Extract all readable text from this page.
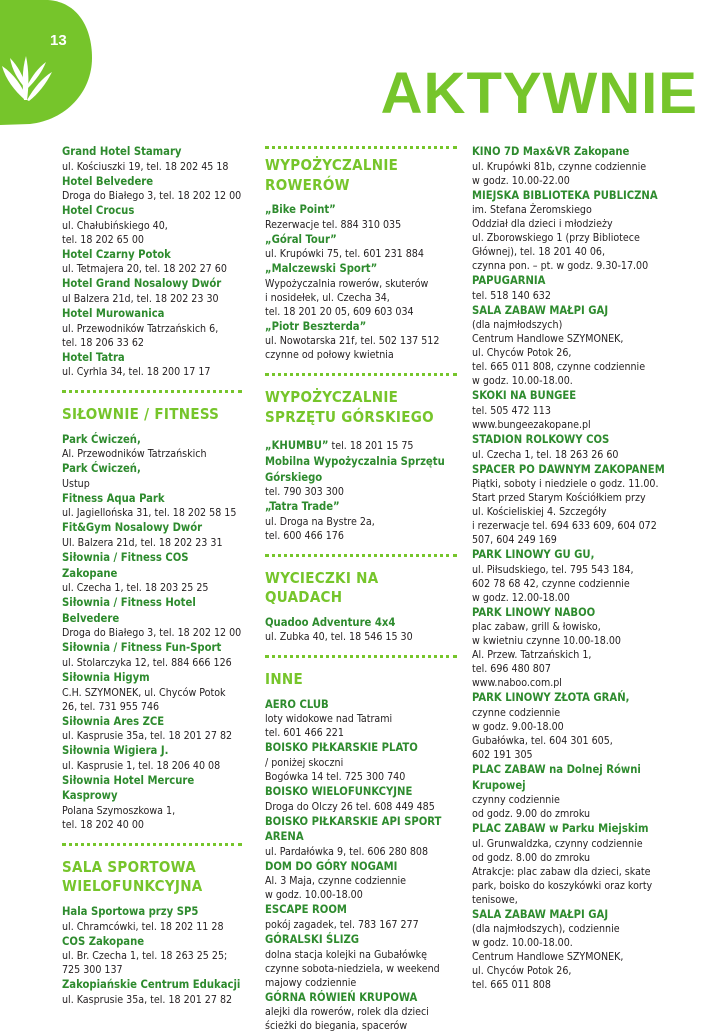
13
AKTYWNIE
Grand Hotel Stamary
ul. Kościuszki 19, tel. 18 202 45 18
Hotel Belvedere
Droga do Białego 3, tel. 18 202 12 00
Hotel Crocus
ul. Chałubińskiego 40,
tel. 18 202 65 00
Hotel Czarny Potok
ul. Tetmajera 20, tel. 18 202 27 60
Hotel Grand Nosalowy Dwór
ul Balzera 21d, tel. 18 202 23 30
Hotel Murowanica
ul. Przewodników Tatrzańskich 6,
tel. 18 206 33 62
Hotel Tatra
ul. Cyrhla 34, tel. 18 200 17 17
SIŁOWNIE / FITNESS
Park Ćwiczeń,
Al. Przewodników Tatrzańskich
Park Ćwiczeń,
Ustup
Fitness Aqua Park
ul. Jagiellońska 31, tel. 18 202 58 15
Fit&Gym Nosalowy Dwór
Ul. Balzera 21d, tel. 18 202 23 31
Siłownia / Fitness COS Zakopane
ul. Czecha 1, tel. 18 203 25 25
Siłownia / Fitness Hotel Belvedere
Droga do Białego 3, tel. 18 202 12 00
Siłownia / Fitness Fun-Sport
ul. Stolarczyka 12, tel. 884 666 126
Siłownia Higym
C.H. SZYMONEK, ul. Chyców Potok
26, tel. 731 955 746
Siłownia Ares ZCE
ul. Kasprusie 35a, tel. 18 201 27 82
Siłownia Wigiera J.
ul. Kasprusie 1, tel. 18 206 40 08
Siłownia Hotel Mercure Kasprowy
Polana Szymoszkowa 1,
tel. 18 202 40 00
SALA SPORTOWA WIELOFUNKCYJNA
Hala Sportowa przy SP5
ul. Chramcówki, tel. 18 202 11 28
COS Zakopane
ul. Br. Czecha 1, tel. 18 263 25 25;
725 300 137
Zakopiańskie Centrum Edukacji
ul. Kasprusie 35a, tel. 18 201 27 82
WYPOŻYCZALNIE ROWERÓW
„Bike Point”
Rezerwacje tel. 884 310 035
„Góral Tour”
ul. Krupówki 75, tel. 601 231 884
„Malczewski Sport”
Wypożyczalnia rowerów, skuterów
i nosidełek, ul. Czecha 34,
tel. 18 201 20 05, 609 603 034
„Piotr Beszterda”
ul. Nowotarska 21f, tel. 502 137 512
czynne od połowy kwietnia
WYPOŻYCZALNIE SPRZĘTU GÓRSKIEGO
„KHUMBU” tel. 18 201 15 75
Mobilna Wypożyczalnia Sprzętu Górskiego
tel. 790 303 300
„Tatra Trade”
ul. Droga na Bystre 2a,
tel. 600 466 176
WYCIECZKI NA QUADACH
Quadoo Adventure 4x4
ul. Zubka 40, tel. 18 546 15 30
INNE
AERO CLUB
loty widokowe nad Tatrami
tel. 601 466 221
BOISKO PIŁKARSKIE PLATO
/ poniżej skoczni
Bogówka 14 tel. 725 300 740
BOISKO WIELOFUNKCYJNE
Droga do Olczy 26 tel. 608 449 485
BOISKO PIŁKARSKIE API SPORT ARENA
ul. Pardałówka 9, tel. 606 280 808
DOM DO GÓRY NOGAMI
Al. 3 Maja, czynne codziennie
w godz. 10.00-18.00
ESCAPE ROOM
pokój zagadek, tel. 783 167 277
GÓRALSKI ŚLIZG
dolna stacja kolejki na Gubałówkę
czynne sobota-niedziela, w weekend
majowy codziennie
GÓRNA RÓWIEŃ KRUPOWA
alejki dla rowerów, rolek dla dzieci
ścieżki do biegania, spacerów
KINO 7D Max&VR Zakopane
ul. Krupówki 81b, czynne codziennie
w godz. 10.00-22.00
MIEJSKA BIBLIOTEKA PUBLICZNA
im. Stefana Żeromskiego
Oddział dla dzieci i młodzieży
ul. Zborowskiego 1 (przy Bibliotece
Głównej), tel. 18 201 40 06,
czynna pon. – pt. w godz. 9.30-17.00
PAPUGARNIA
tel. 518 140 632
SALA ZABAW MAŁPI GAJ
(dla najmłodszych)
Centrum Handlowe SZYMONEK,
ul. Chyców Potok 26,
tel. 665 011 808, czynne codziennie
w godz. 10.00-18.00.
SKOKI NA BUNGEE
tel. 505 472 113
www.bungeezakopane.pl
STADION ROLKOWY COS
ul. Czecha 1, tel. 18 263 26 60
SPACER PO DAWNYM ZAKOPANEM
Piątki, soboty i niedziele o godz. 11.00.
Start przed Starym Kościółkiem przy
ul. Kościeliskiej 4. Szczegóły
i rezerwacje tel. 694 633 609, 604 072
507, 604 249 169
PARK LINOWY GU GU,
ul. Piłsudskiego, tel. 795 543 184,
602 78 68 42, czynne codziennie
w godz. 12.00-18.00
PARK LINOWY NABOO
plac zabaw, grill & łowisko,
w kwietniu czynne 10.00-18.00
Al. Przew. Tatrzańskich 1,
tel. 696 480 807
www.naboo.com.pl
PARK LINOWY ZŁOTA GRAŃ,
czynne codziennie
w godz. 9.00-18.00
Gubałówka, tel. 604 301 605,
602 191 305
PLAC ZABAW na Dolnej Równi Krupowej
czynny codziennie
od godz. 9.00 do zmroku
PLAC ZABAW w Parku Miejskim
ul. Grunwaldzka, czynny codziennie
od godz. 8.00 do zmroku
Atrakcje: plac zabaw dla dzieci, skate
park, boisko do koszykówki oraz korty
tenisowe,
SALA ZABAW MAŁPI GAJ
(dla najmłodszych), codziennie
w godz. 10.00-18.00.
Centrum Handlowe SZYMONEK,
ul. Chyców Potok 26,
tel. 665 011 808
